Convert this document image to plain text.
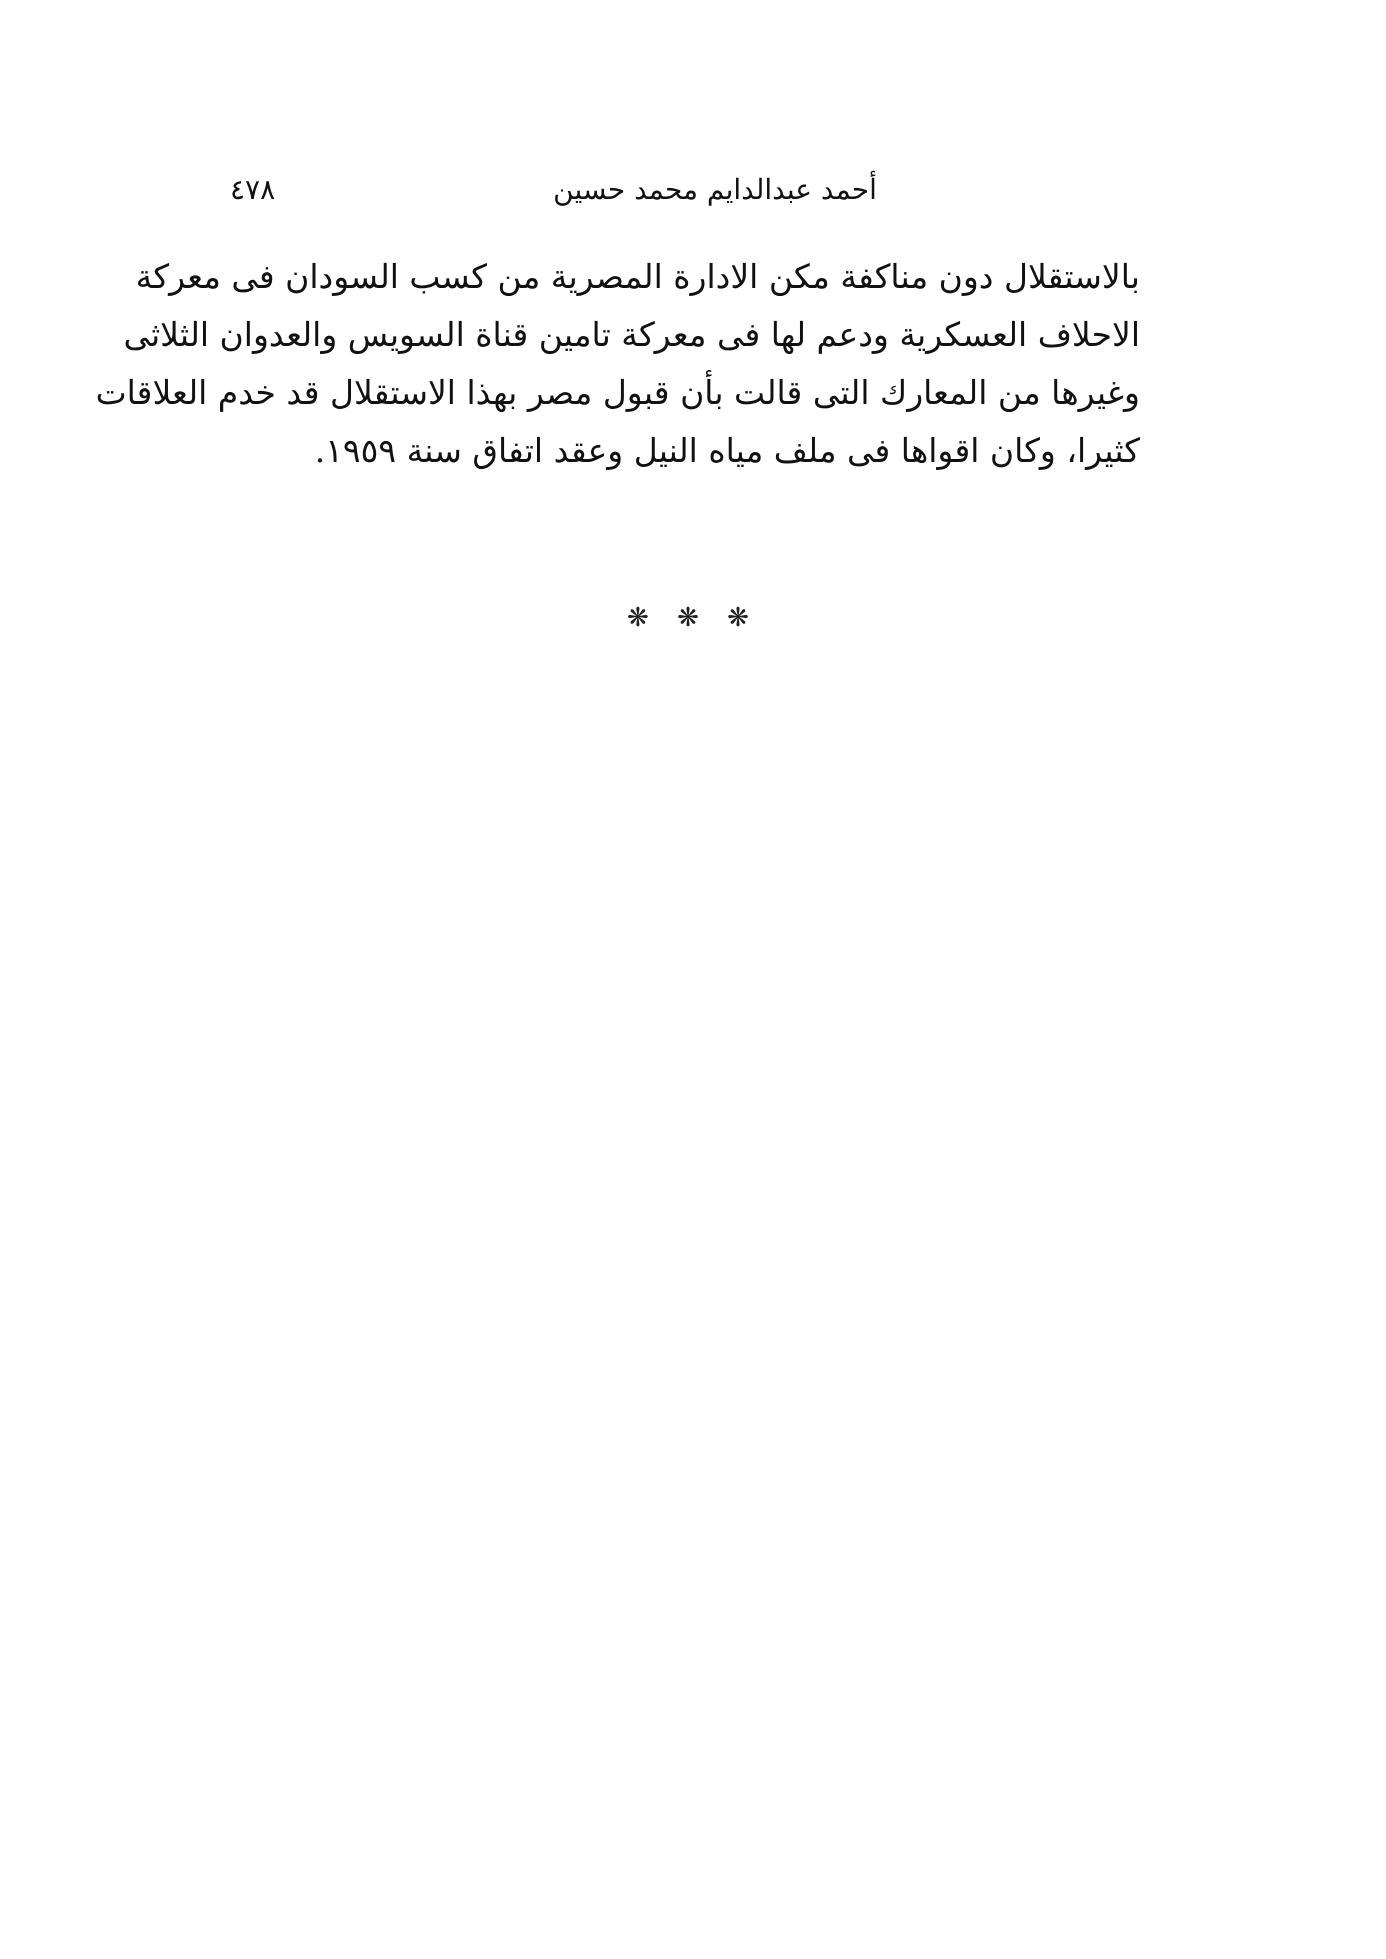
أحمد عبدالدايم محمد حسين
٤٧٨
بالاستقلال دون مناكفة مكن الادارة المصرية من كسب السودان فى معركة
الاحلاف العسكرية ودعم لها فى معركة تامين قناة السويس والعدوان الثلاثى
وغيرها من المعارك التى قالت بأن قبول مصر بهذا الاستقلال قد خدم العلاقات
كثيرا، وكان اقواها فى ملف مياه النيل وعقد اتفاق سنة ١٩٥٩.
❋ ❋ ❋
